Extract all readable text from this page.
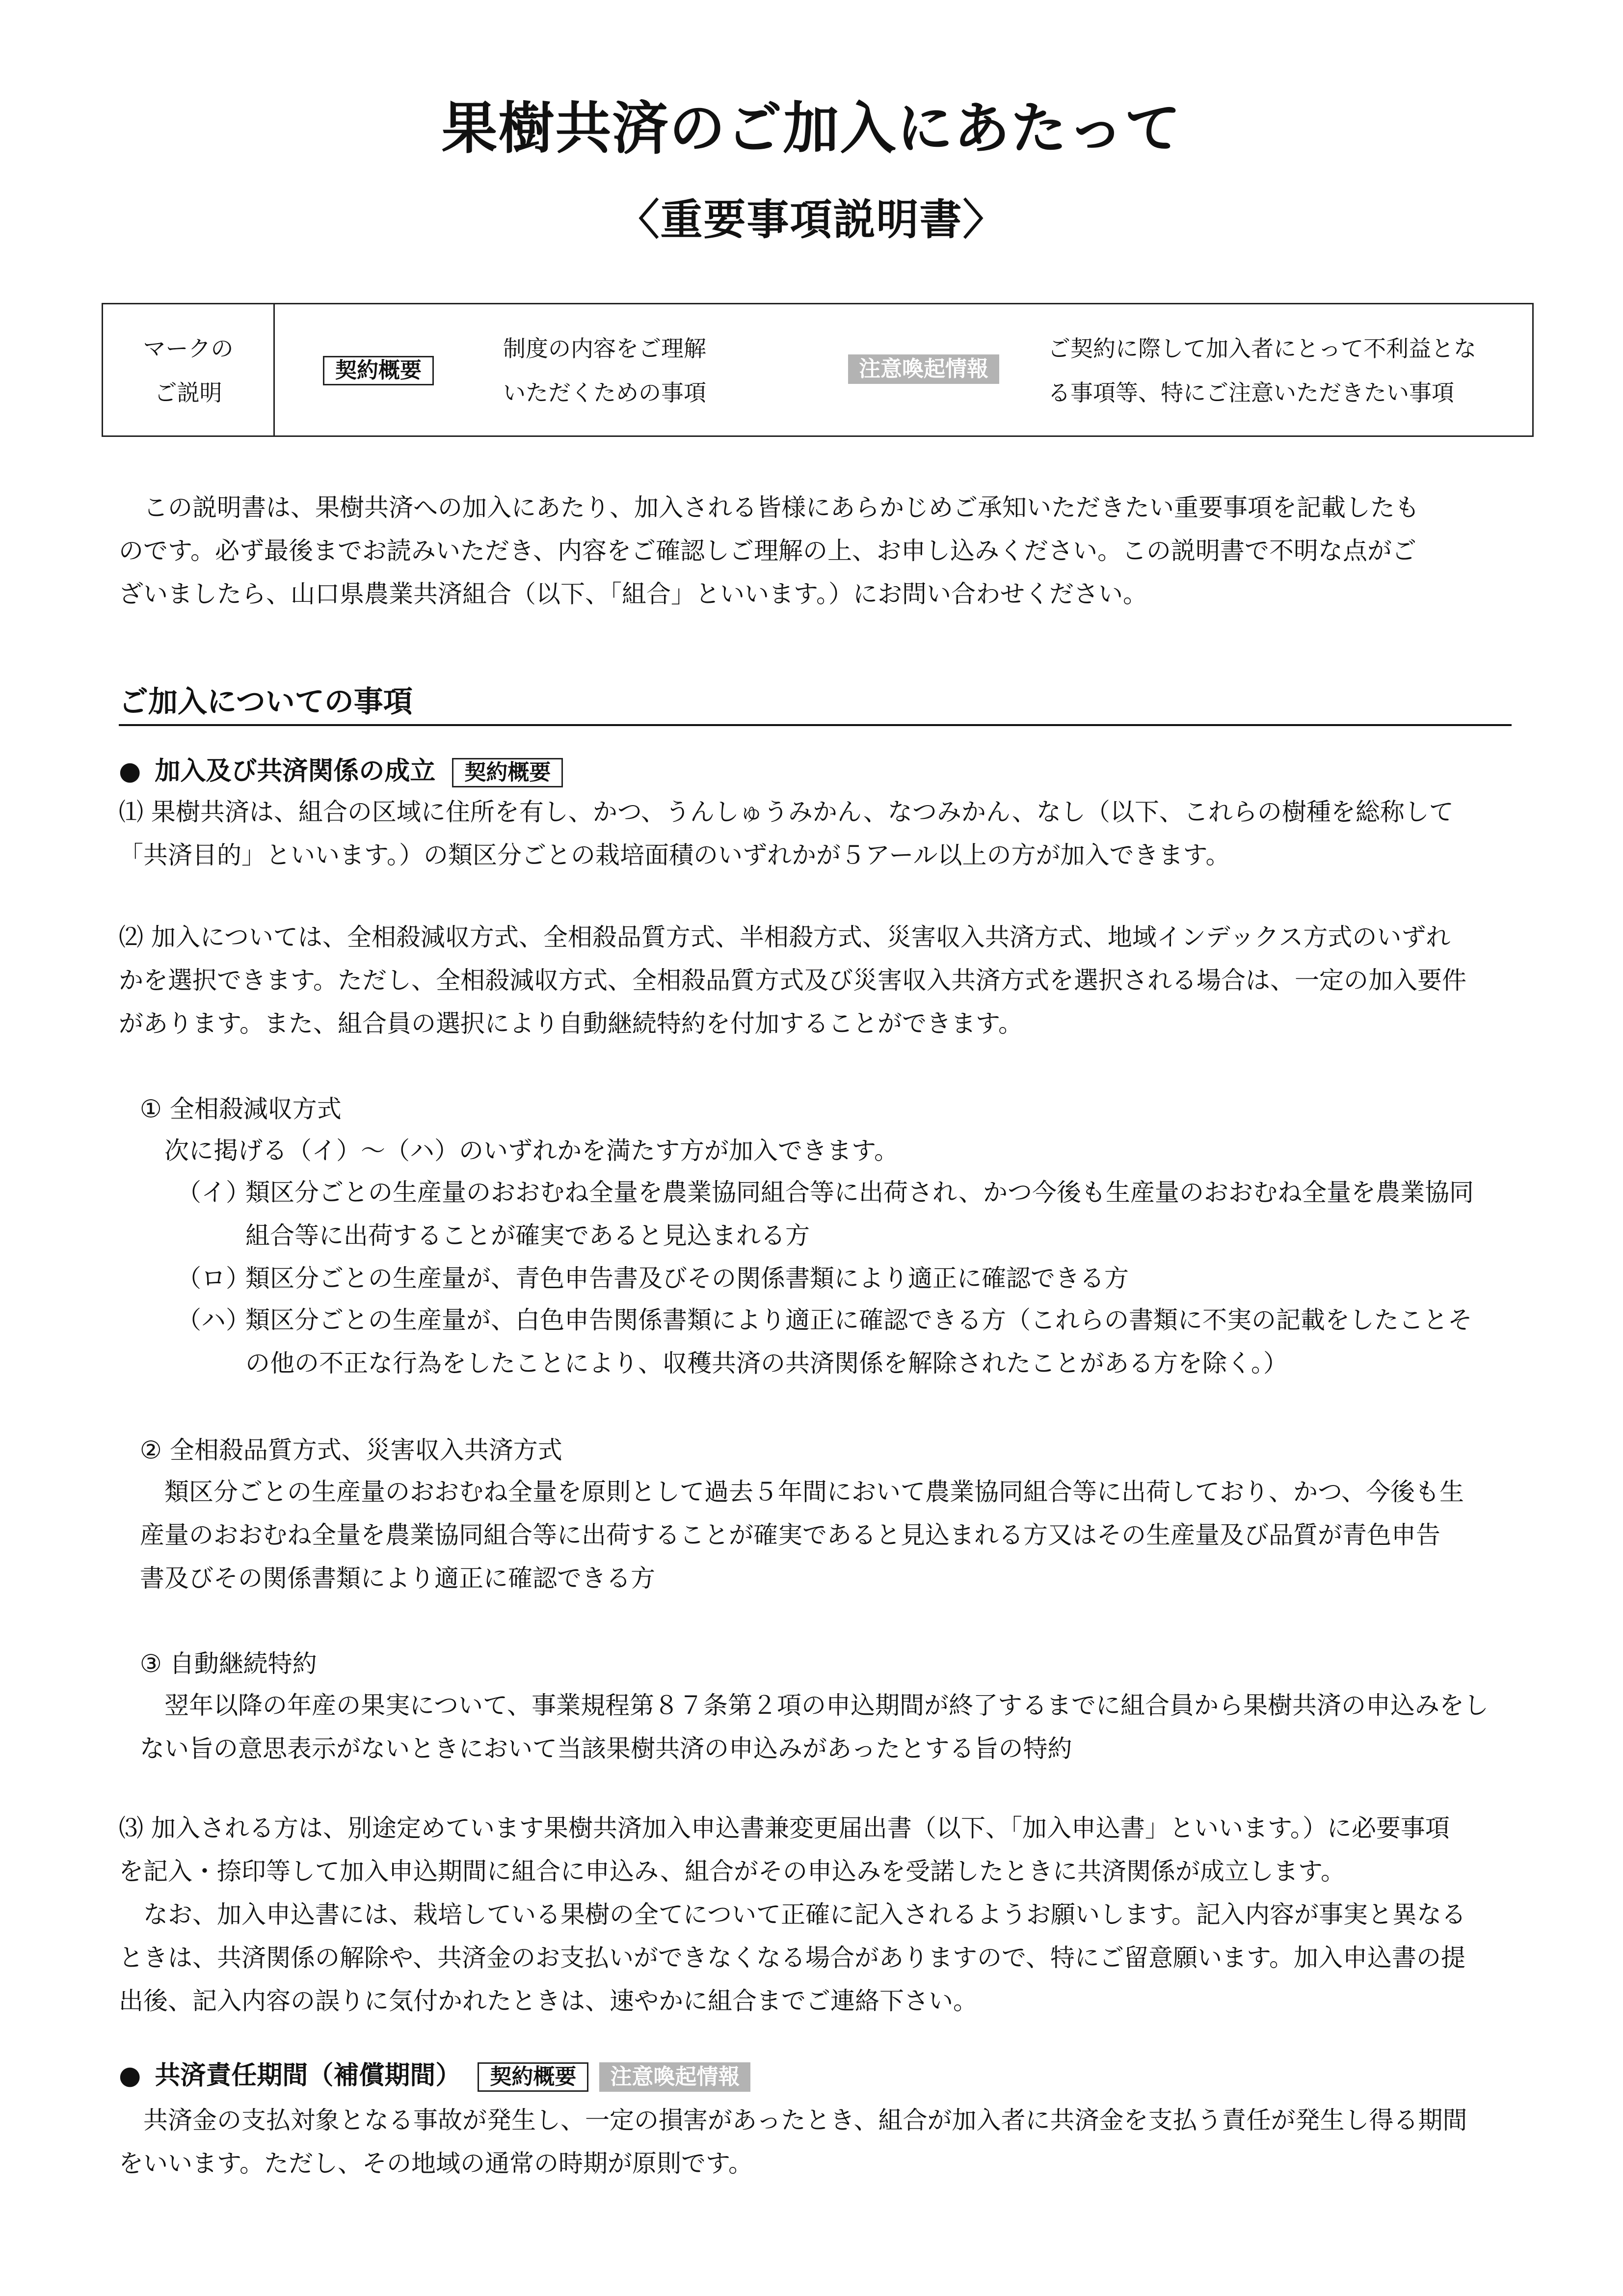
果樹共済のご加入にあたって
〈重要事項説明書〉
マークの
ご説明
契約概要
制度の内容をご理解
いただくための事項
注意喚起情報
ご契約に際して加入者にとって不利益とな
る事項等、特にご注意いただきたい事項
　この説明書は、果樹共済への加入にあたり、加入される皆様にあらかじめご承知いただきたい重要事項を記載したも
のです。必ず最後までお読みいただき、内容をご確認しご理解の上、お申し込みください。この説明書で不明な点がご
ざいましたら、山口県農業共済組合（以下、「組合」といいます。）にお問い合わせください。
ご加入についての事項
● 加入及び共済関係の成立 契約概要
⑴ 果樹共済は、組合の区域に住所を有し、かつ、うんしゅうみかん、なつみかん、なし（以下、これらの樹種を総称して
「共済目的」といいます。）の類区分ごとの栽培面積のいずれかが５アール以上の方が加入できます。
⑵ 加入については、全相殺減収方式、全相殺品質方式、半相殺方式、災害収入共済方式、地域インデックス方式のいずれ
かを選択できます。ただし、全相殺減収方式、全相殺品質方式及び災害収入共済方式を選択される場合は、一定の加入要件
があります。また、組合員の選択により自動継続特約を付加することができます。
① 全相殺減収方式
次に掲げる（イ）～（ハ）のいずれかを満たす方が加入できます。
（イ）
類区分ごとの生産量のおおむね全量を農業協同組合等に出荷され、かつ今後も生産量のおおむね全量を農業協同
組合等に出荷することが確実であると見込まれる方
（ロ）
類区分ごとの生産量が、青色申告書及びその関係書類により適正に確認できる方
（ハ）
類区分ごとの生産量が、白色申告関係書類により適正に確認できる方（これらの書類に不実の記載をしたことそ
の他の不正な行為をしたことにより、収穫共済の共済関係を解除されたことがある方を除く。）
② 全相殺品質方式、災害収入共済方式
　類区分ごとの生産量のおおむね全量を原則として過去５年間において農業協同組合等に出荷しており、かつ、今後も生
産量のおおむね全量を農業協同組合等に出荷することが確実であると見込まれる方又はその生産量及び品質が青色申告
書及びその関係書類により適正に確認できる方
③ 自動継続特約
　翌年以降の年産の果実について、事業規程第８７条第２項の申込期間が終了するまでに組合員から果樹共済の申込みをし
ない旨の意思表示がないときにおいて当該果樹共済の申込みがあったとする旨の特約
⑶ 加入される方は、別途定めています果樹共済加入申込書兼変更届出書（以下、「加入申込書」といいます。）に必要事項
を記入・捺印等して加入申込期間に組合に申込み、組合がその申込みを受諾したときに共済関係が成立します。
　なお、加入申込書には、栽培している果樹の全てについて正確に記入されるようお願いします。記入内容が事実と異なる
ときは、共済関係の解除や、共済金のお支払いができなくなる場合がありますので、特にご留意願います。加入申込書の提
出後、記入内容の誤りに気付かれたときは、速やかに組合までご連絡下さい。
● 共済責任期間（補償期間） 契約概要 注意喚起情報
　共済金の支払対象となる事故が発生し、一定の損害があったとき、組合が加入者に共済金を支払う責任が発生し得る期間
をいいます。ただし、その地域の通常の時期が原則です。
